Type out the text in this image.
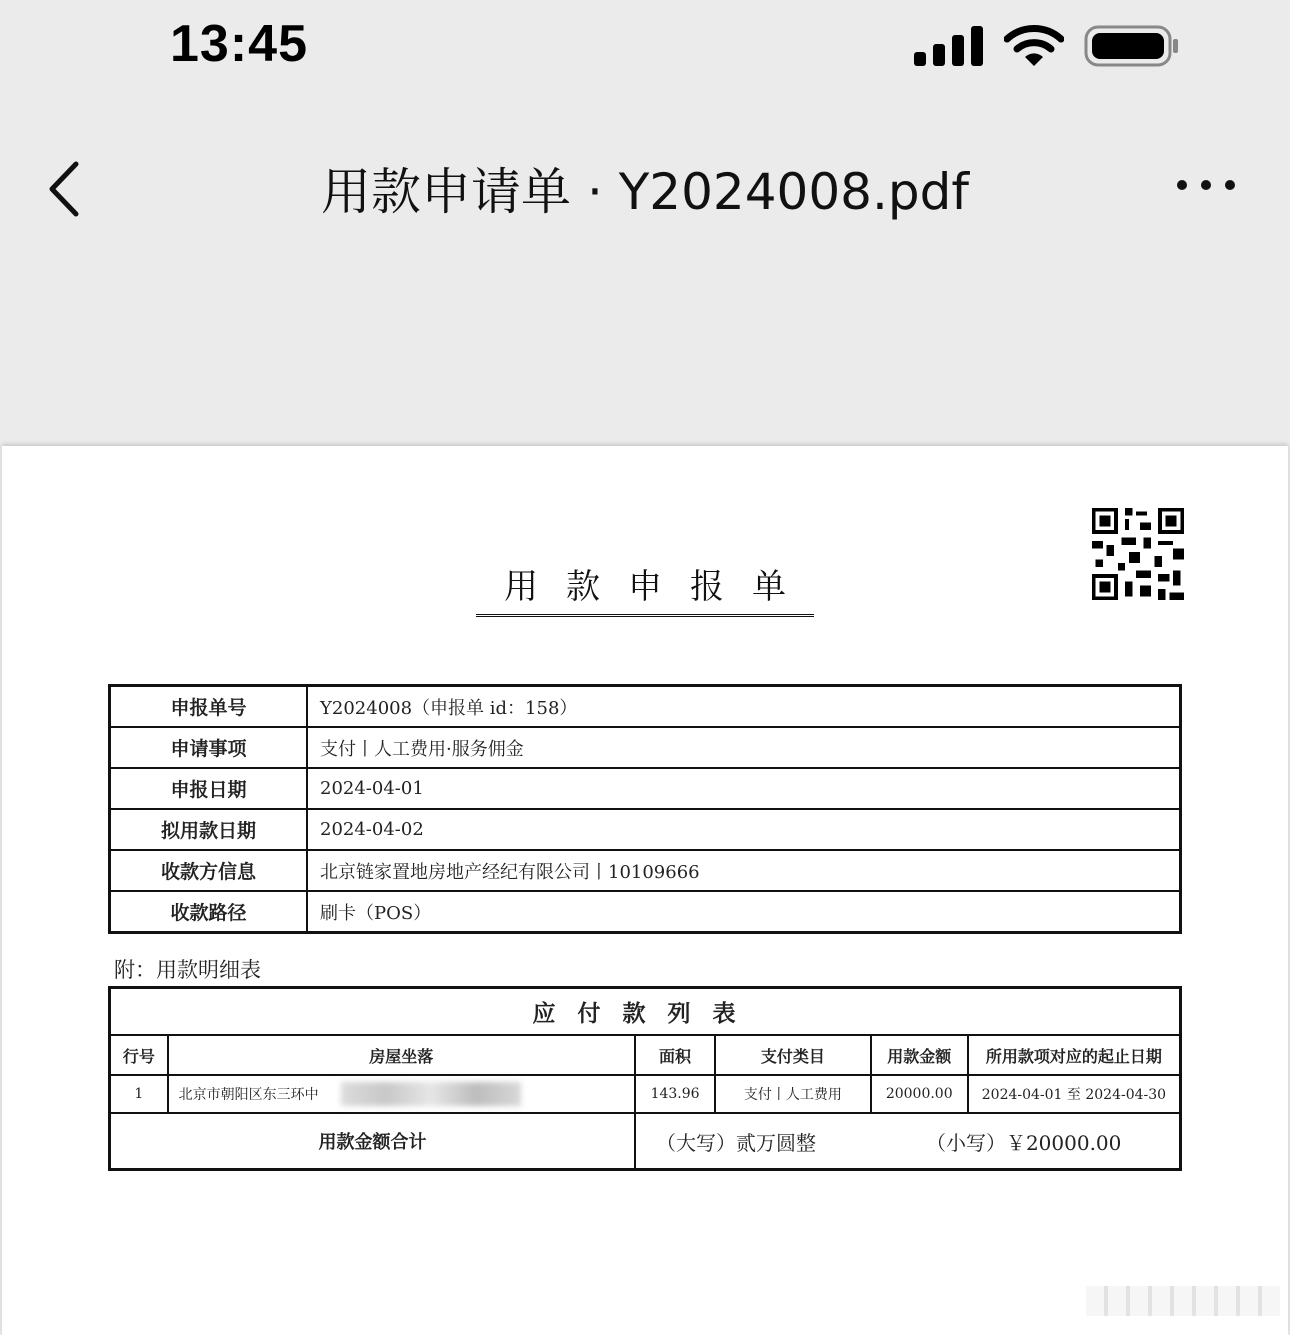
13:45
用款申请单 · Y2024008.pdf
用款申报单
申报单号	Y2024008（申报单 id：158）
申请事项	支付丨人工费用·服务佣金
申报日期	2024-04-01
拟用款日期	2024-04-02
收款方信息	北京链家置地房地产经纪有限公司丨10109666
收款路径	刷卡（POS）
附：用款明细表
应付款列表					
行号	房屋坐落	面积	支付类目	用款金额	所用款项对应的起止日期
1	北京市朝阳区东三环中	143.96	支付丨人工费用	20000.00	2024-04-01 至 2024-04-30
用款金额合计		（大写）贰万圆整 （小写）￥20000.00			
